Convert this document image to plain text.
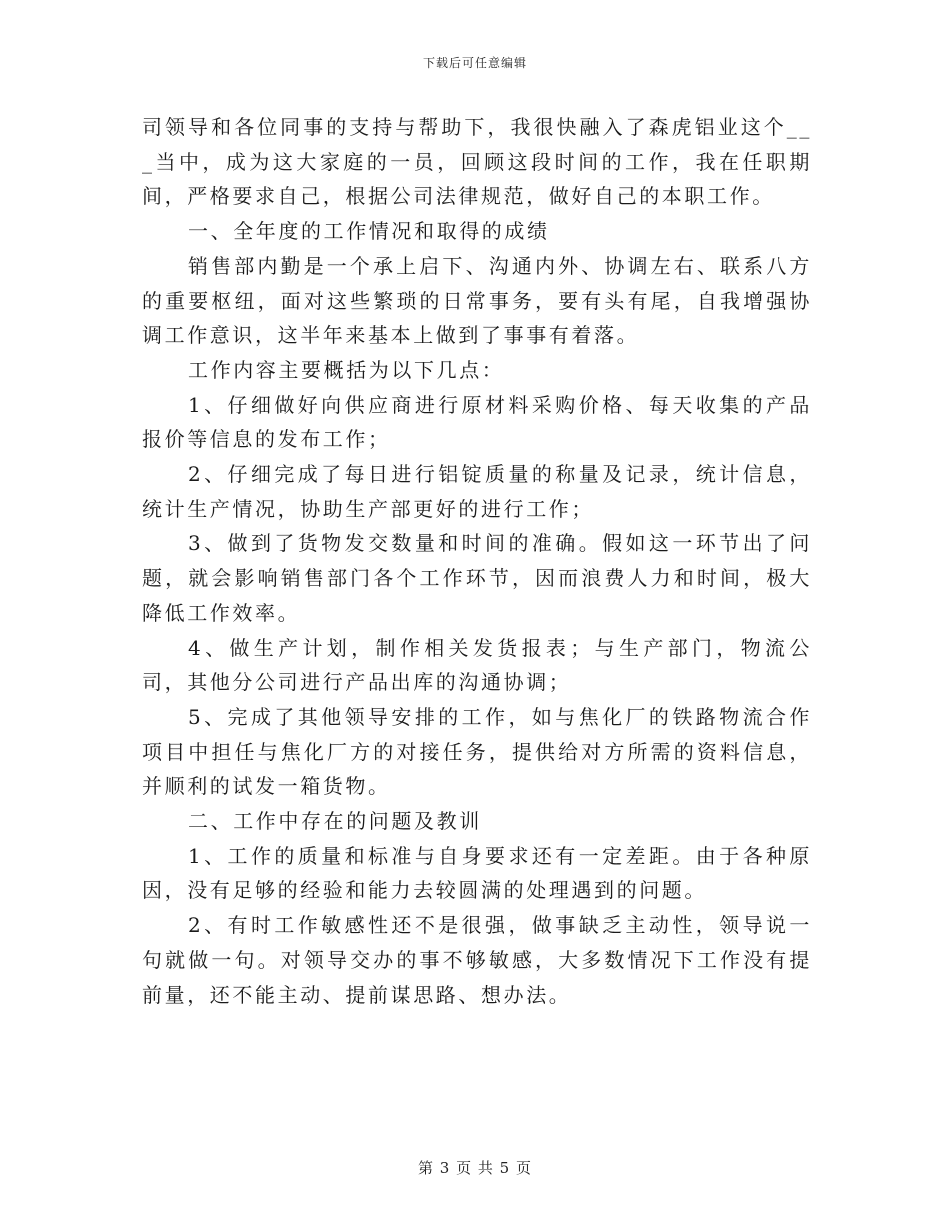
下载后可任意编辑

司领导和各位同事的支持与帮助下，我很快融入了森虎铝业这个___当中，成为这大家庭的一员，回顾这段时间的工作，我在任职期间，严格要求自己，根据公司法律规范，做好自己的本职工作。

一、全年度的工作情况和取得的成绩

销售部内勤是一个承上启下、沟通内外、协调左右、联系八方的重要枢纽，面对这些繁琐的日常事务，要有头有尾，自我增强协调工作意识，这半年来基本上做到了事事有着落。

工作内容主要概括为以下几点：

1、仔细做好向供应商进行原材料采购价格、每天收集的产品报价等信息的发布工作；

2、仔细完成了每日进行铝锭质量的称量及记录，统计信息，统计生产情况，协助生产部更好的进行工作；

3、做到了货物发交数量和时间的准确。假如这一环节出了问题，就会影响销售部门各个工作环节，因而浪费人力和时间，极大降低工作效率。

4、做生产计划，制作相关发货报表；与生产部门，物流公司，其他分公司进行产品出库的沟通协调；

5、完成了其他领导安排的工作，如与焦化厂的铁路物流合作项目中担任与焦化厂方的对接任务，提供给对方所需的资料信息，并顺利的试发一箱货物。

二、工作中存在的问题及教训

1、工作的质量和标准与自身要求还有一定差距。由于各种原因，没有足够的经验和能力去较圆满的处理遇到的问题。

2、有时工作敏感性还不是很强，做事缺乏主动性，领导说一句就做一句。对领导交办的事不够敏感，大多数情况下工作没有提前量，还不能主动、提前谋思路、想办法。

第 3 页 共 5 页
